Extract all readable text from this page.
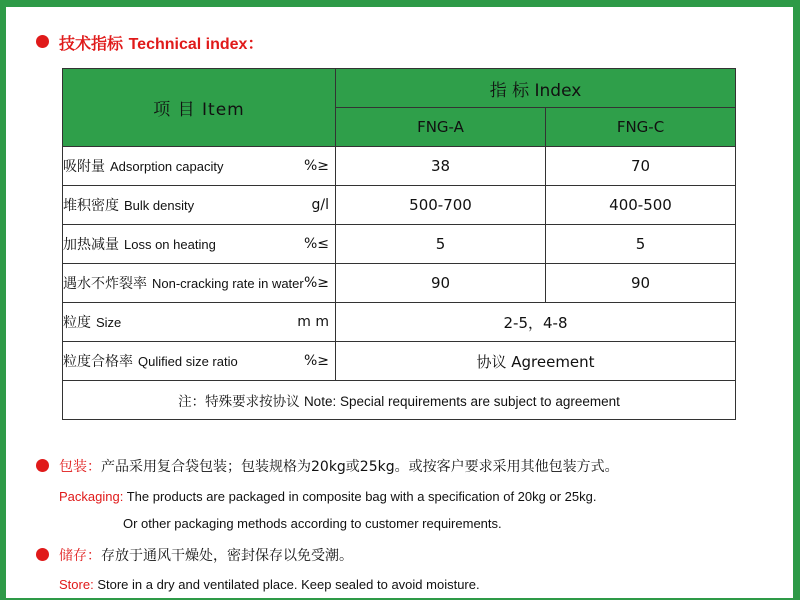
技术指标 Technical index：
项 目 Item	指 标 Index	
	FNG-A	FNG-C

吸附量 Adsorption capacity %≥	38	70

堆积密度 Bulk density g/l	500-700	400-500

加热减量 Loss on heating %≤	5	5

遇水不炸裂率 Non-cracking rate in water %≥	90	90

粒度 Size m m	2-5，4-8	

粒度合格率 Qulified size ratio %≥	协议 Agreement	
注：特殊要求按协议 Note: Special requirements are subject to agreement		
包装：产品采用复合袋包装；包装规格为20kg或25kg。或按客户要求采用其他包装方式。
Packaging: The products are packaged in composite bag with a specification of 20kg or 25kg.
Or other packaging methods according to customer requirements.
储存：存放于通风干燥处，密封保存以免受潮。
Store: Store in a dry and ventilated place. Keep sealed to avoid moisture.
